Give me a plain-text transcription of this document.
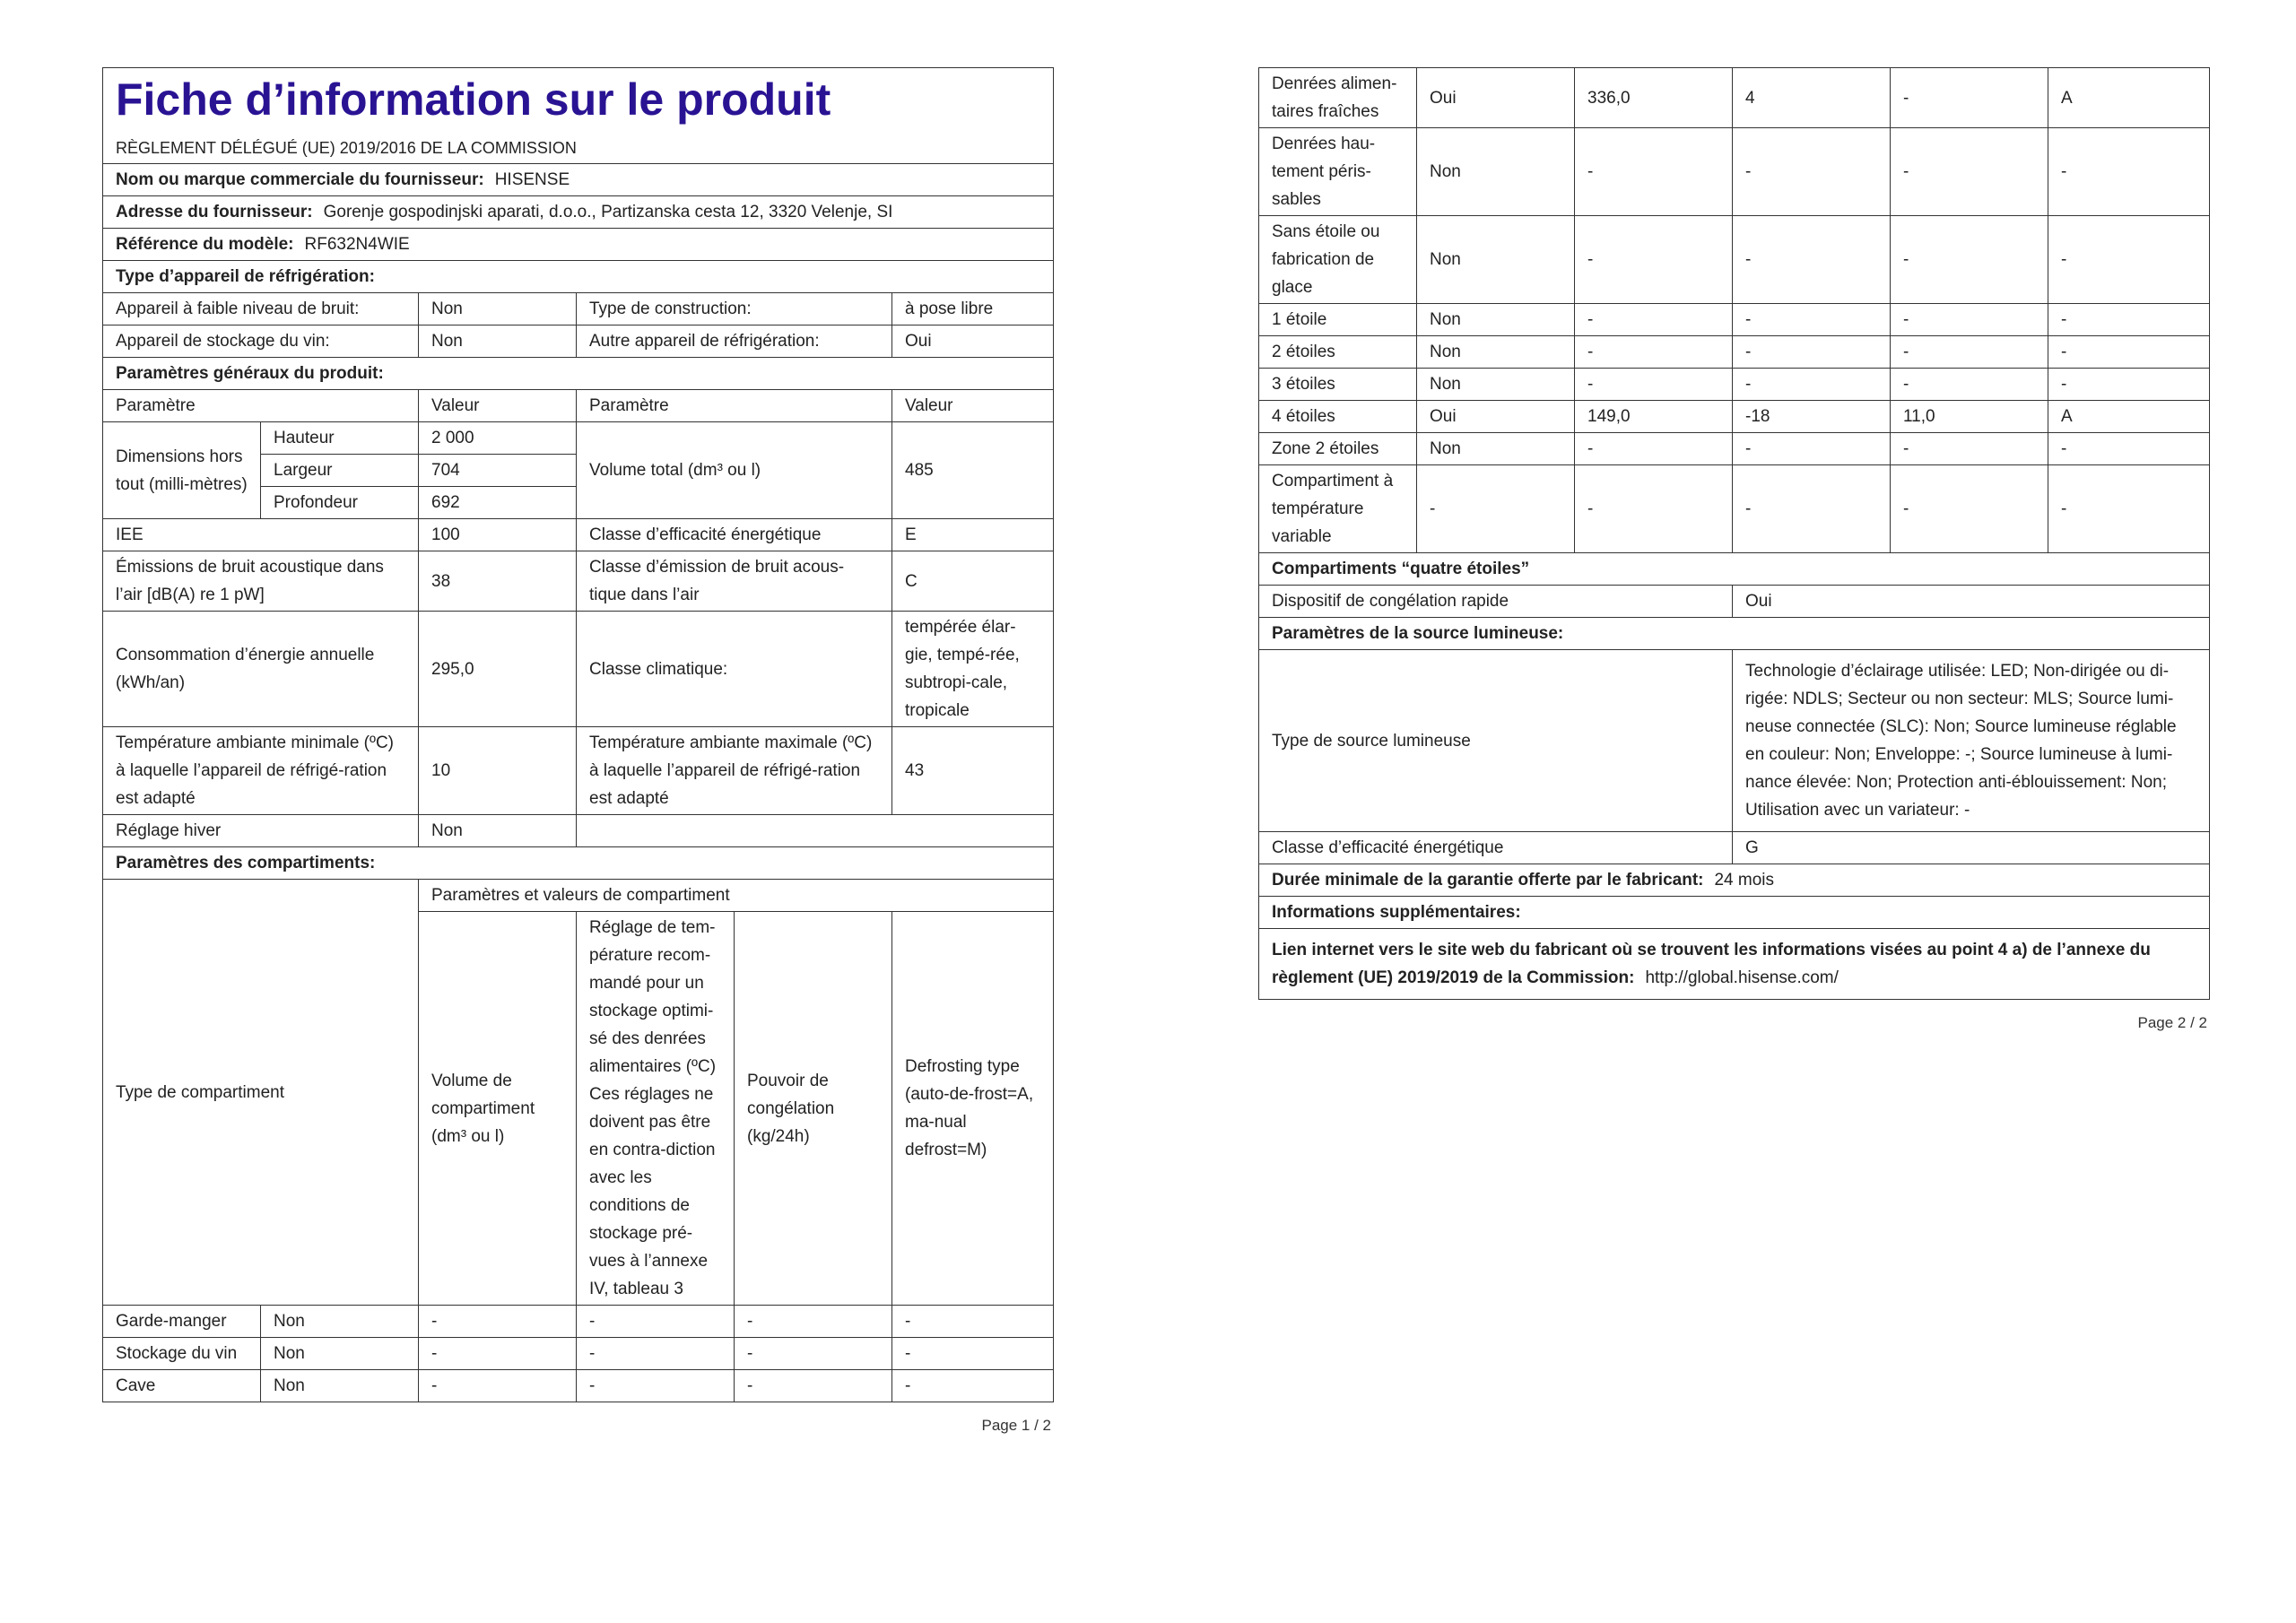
Fiche d’information sur le produit
RÈGLEMENT DÉLÉGUÉ (UE) 2019/2016 DE LA COMMISSION					

Nom ou marque commerciale du fournisseur: HISENSE					
Adresse du fournisseur: Gorenje gospodinjski aparati, d.o.o., Partizanska cesta 12, 3320 Velenje, SI					
Référence du modèle: RF632N4WIE					
Type d’appareil de réfrigération:					
Appareil à faible niveau de bruit:		Non	Type de construction:		à pose libre
Appareil de stockage du vin:		Non	Autre appareil de réfrigération:		Oui
Paramètres généraux du produit:					
Paramètre		Valeur	Paramètre		Valeur
Dimensions hors tout (milli-mètres)	Hauteur	2 000	Volume total (dm³ ou l)		485
	Largeur	704			
	Profondeur	692			
IEE		100	Classe d’efficacité énergétique		E
Émissions de bruit acoustique dans l’air [dB(A) re 1 pW]		38	Classe d’émission de bruit acous-tique dans l’air		C
Consommation d’énergie annuelle (kWh/an)		295,0	Classe climatique:		tempérée élar-gie, tempé-rée, subtropi-cale, tropicale
Température ambiante minimale (ºC) à laquelle l’appareil de réfrigé-ration est adapté		10	Température ambiante maximale (ºC) à laquelle l’appareil de réfrigé-ration est adapté		43
Réglage hiver		Non			
Paramètres des compartiments:					
Type de compartiment		Paramètres et valeurs de compartiment			
		Volume de compartiment (dm³ ou l)	Réglage de tem-pérature recom-mandé pour un stockage optimi-sé des denrées alimentaires (ºC) Ces réglages ne doivent pas être en contra-diction avec les conditions de stockage pré-vues à l’annexe IV, tableau 3	Pouvoir de congélation (kg/24h)	Defrosting type (auto-de-frost=A, ma-nual defrost=M)
Garde-manger	Non	-	-	-	-
Stockage du vin	Non	-	-	-	-
Cave	Non	-	-	-	-
Page 1 / 2
Denrées alimen-taires fraîches	Oui	336,0	4	-	A
Denrées hau-tement péris-sables	Non	-	-	-	-
Sans étoile ou fabrication de glace	Non	-	-	-	-
1 étoile	Non	-	-	-	-
2 étoiles	Non	-	-	-	-
3 étoiles	Non	-	-	-	-
4 étoiles	Oui	149,0	-18	11,0	A
Zone 2 étoiles	Non	-	-	-	-
Compartiment à température variable	-	-	-	-	-
Compartiments “quatre étoiles”					
Dispositif de congélation rapide			Oui		
Paramètres de la source lumineuse:					
Type de source lumineuse			Technologie d’éclairage utilisée: LED; Non-dirigée ou di-rigée: NDLS; Secteur ou non secteur: MLS; Source lumi-neuse connectée (SLC): Non; Source lumineuse réglable en couleur: Non; Enveloppe: -; Source lumineuse à lumi-nance élevée: Non; Protection anti-éblouissement: Non; Utilisation avec un variateur: -		
Classe d’efficacité énergétique			G		
Durée minimale de la garantie offerte par le fabricant: 24 mois					
Informations supplémentaires:					
Lien internet vers le site web du fabricant où se trouvent les informations visées au point 4 a) de l’annexe du règlement (UE) 2019/2019 de la Commission: http://global.hisense.com/					
Page 2 / 2
